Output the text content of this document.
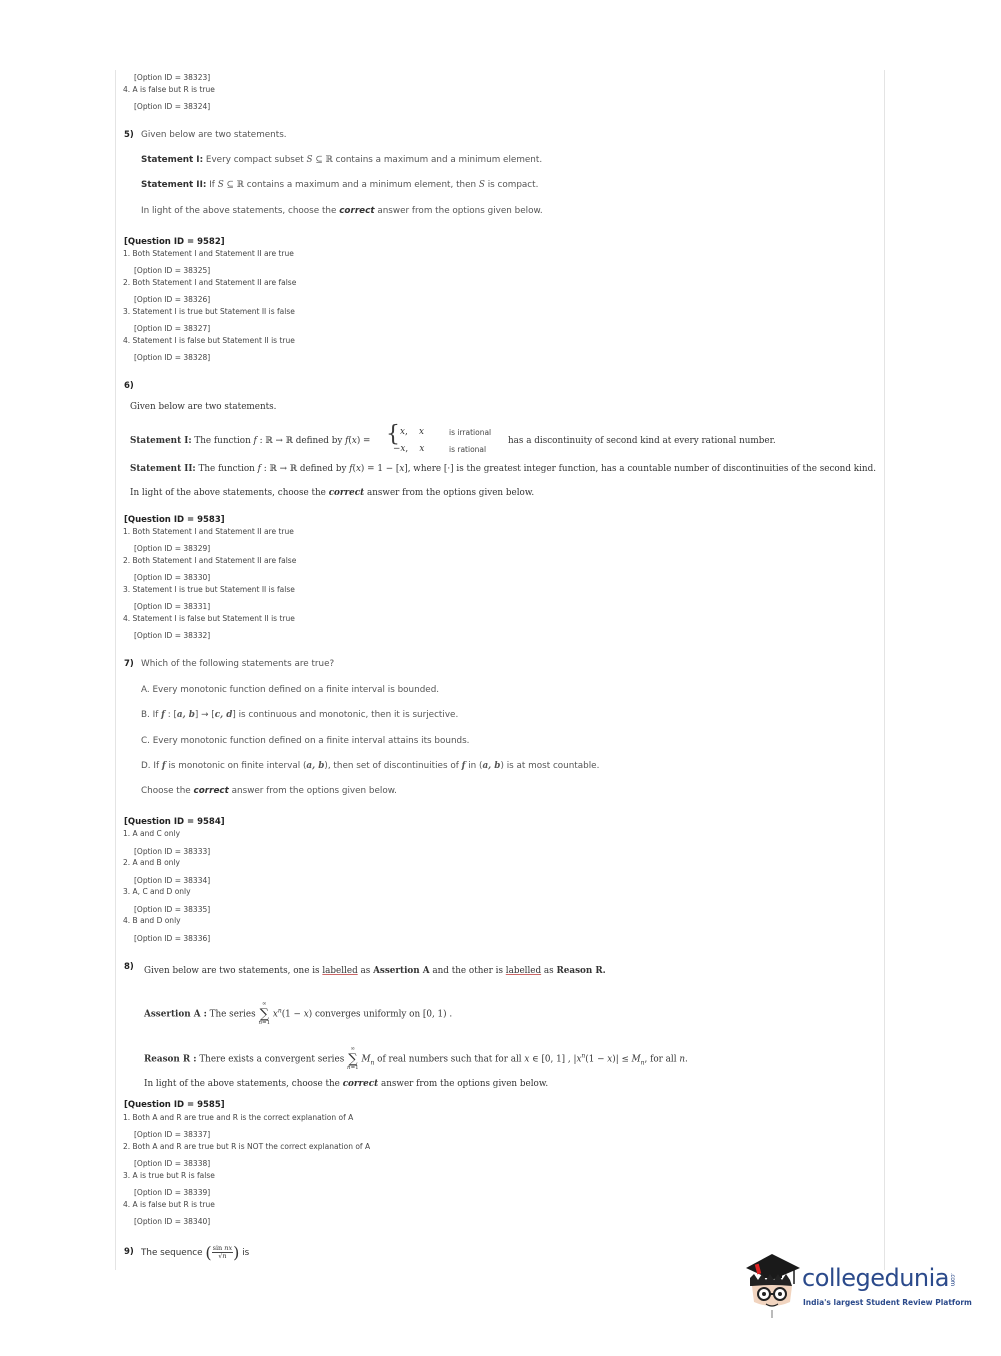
[Option ID = 38323]
4. A is false but R is true
[Option ID = 38324]
5) Given below are two statements.
Statement I: Every compact subset S ⊆ ℝ contains a maximum and a minimum element.
Statement II: If S ⊆ ℝ contains a maximum and a minimum element, then S is compact.
In light of the above statements, choose the correct answer from the options given below.
[Question ID = 9582]
1. Both Statement I and Statement II are true
[Option ID = 38325]
2. Both Statement I and Statement II are false
[Option ID = 38326]
3. Statement I is true but Statement II is false
[Option ID = 38327]
4. Statement I is false but Statement II is true
[Option ID = 38328]
6)
Given below are two statements.
Statement I: The function f : ℝ → ℝ defined by f(x) = { x,    x	is irrational
−x,    x	is rational
has a discontinuity of second kind at every rational number.
Statement II: The function f : ℝ → ℝ defined by f(x) = 1 − [x], where [·] is the greatest integer function, has a countable number of discontinuities of the second kind.
In light of the above statements, choose the correct answer from the options given below.
[Question ID = 9583]
1. Both Statement I and Statement II are true
[Option ID = 38329]
2. Both Statement I and Statement II are false
[Option ID = 38330]
3. Statement I is true but Statement II is false
[Option ID = 38331]
4. Statement I is false but Statement II is true
[Option ID = 38332]
7) Which of the following statements are true?
A. Every monotonic function defined on a finite interval is bounded.
B. If f : [a, b] → [c, d] is continuous and monotonic, then it is surjective.
C. Every monotonic function defined on a finite interval attains its bounds.
D. If f is monotonic on finite interval (a, b), then set of discontinuities of f in (a, b) is at most countable.
Choose the correct answer from the options given below.
[Question ID = 9584]
1. A and C only
[Option ID = 38333]
2. A and B only
[Option ID = 38334]
3. A, C and D only
[Option ID = 38335]
4. B and D only
[Option ID = 38336]
8) Given below are two statements, one is labelled as Assertion A and the other is labelled as Reason R.
Assertion A : The series ∞
∑
n=1 $x^n(1 - x)$ converges uniformly on [0, 1) .
Reason R : There exists a convergent series ∞
∑
n=1 $M_n$ of real numbers such that for all x ∈ [0, 1] , $|x^n(1 - x)| \le M_n$, for all n.
In light of the above statements, choose the correct answer from the options given below.
[Question ID = 9585]
1. Both A and R are true and R is the correct explanation of A
[Option ID = 38337]
2. Both A and R are true but R is NOT the correct explanation of A
[Option ID = 38338]
3. A is true but R is false
[Option ID = 38339]
4. A is false but R is true
[Option ID = 38340]
9) The sequence ( $\frac{\text{sin nx}}{√n}$ ) is
collegedunia.com
India's largest Student Review Platform
